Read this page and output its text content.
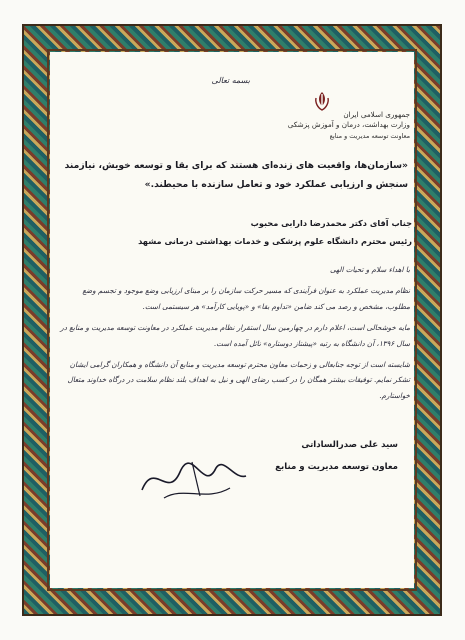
بسمه تعالی
جمهوری اسلامی ایران
وزارت بهداشت، درمان و آموزش پزشکی
معاونت توسعه مدیریت و منابع
«سازمان‌ها، واقعیت های زنده‌ای هستند که برای بقا و توسعه خویش، نیازمند سنجش و ارزیابی عملکرد خود و تعامل سازنده با محیطند.»
جناب آقای دکتر محمدرضا دارابی محبوب
رئیس محترم دانشگاه علوم پزشکی و خدمات بهداشتی درمانی مشهد

با اهداء سلام و تحیات الهی

نظام مدیریت عملکرد به عنوان فرآیندی که مسیر حرکت سازمان را بر مبنای ارزیابی وضع موجود و تجسم وضع مطلوب، مشخص و رصد می کند ضامن «تداوم بقا» و «پویایی کارآمد» هر سیستمی است.

مایه خوشحالی است، اعلام دارم در چهارمین سال استقرار نظام مدیریت عملکرد در معاونت توسعه مدیریت و منابع در سال ۱۳۹۶، آن دانشگاه به رتبه «پیشتاز دوستاره» نائل آمده است.

شایسته است از توجه جنابعالی و زحمات معاون محترم توسعه مدیریت و منابع آن دانشگاه و همکاران گرامی ایشان تشکر نمایم. توفیقات بیشتر همگان را در کسب رضای الهی و نیل به اهداف بلند نظام سلامت در درگاه خداوند متعال خواستارم.

سید علی صدرالساداتی
معاون توسعه مدیریت و منابع
